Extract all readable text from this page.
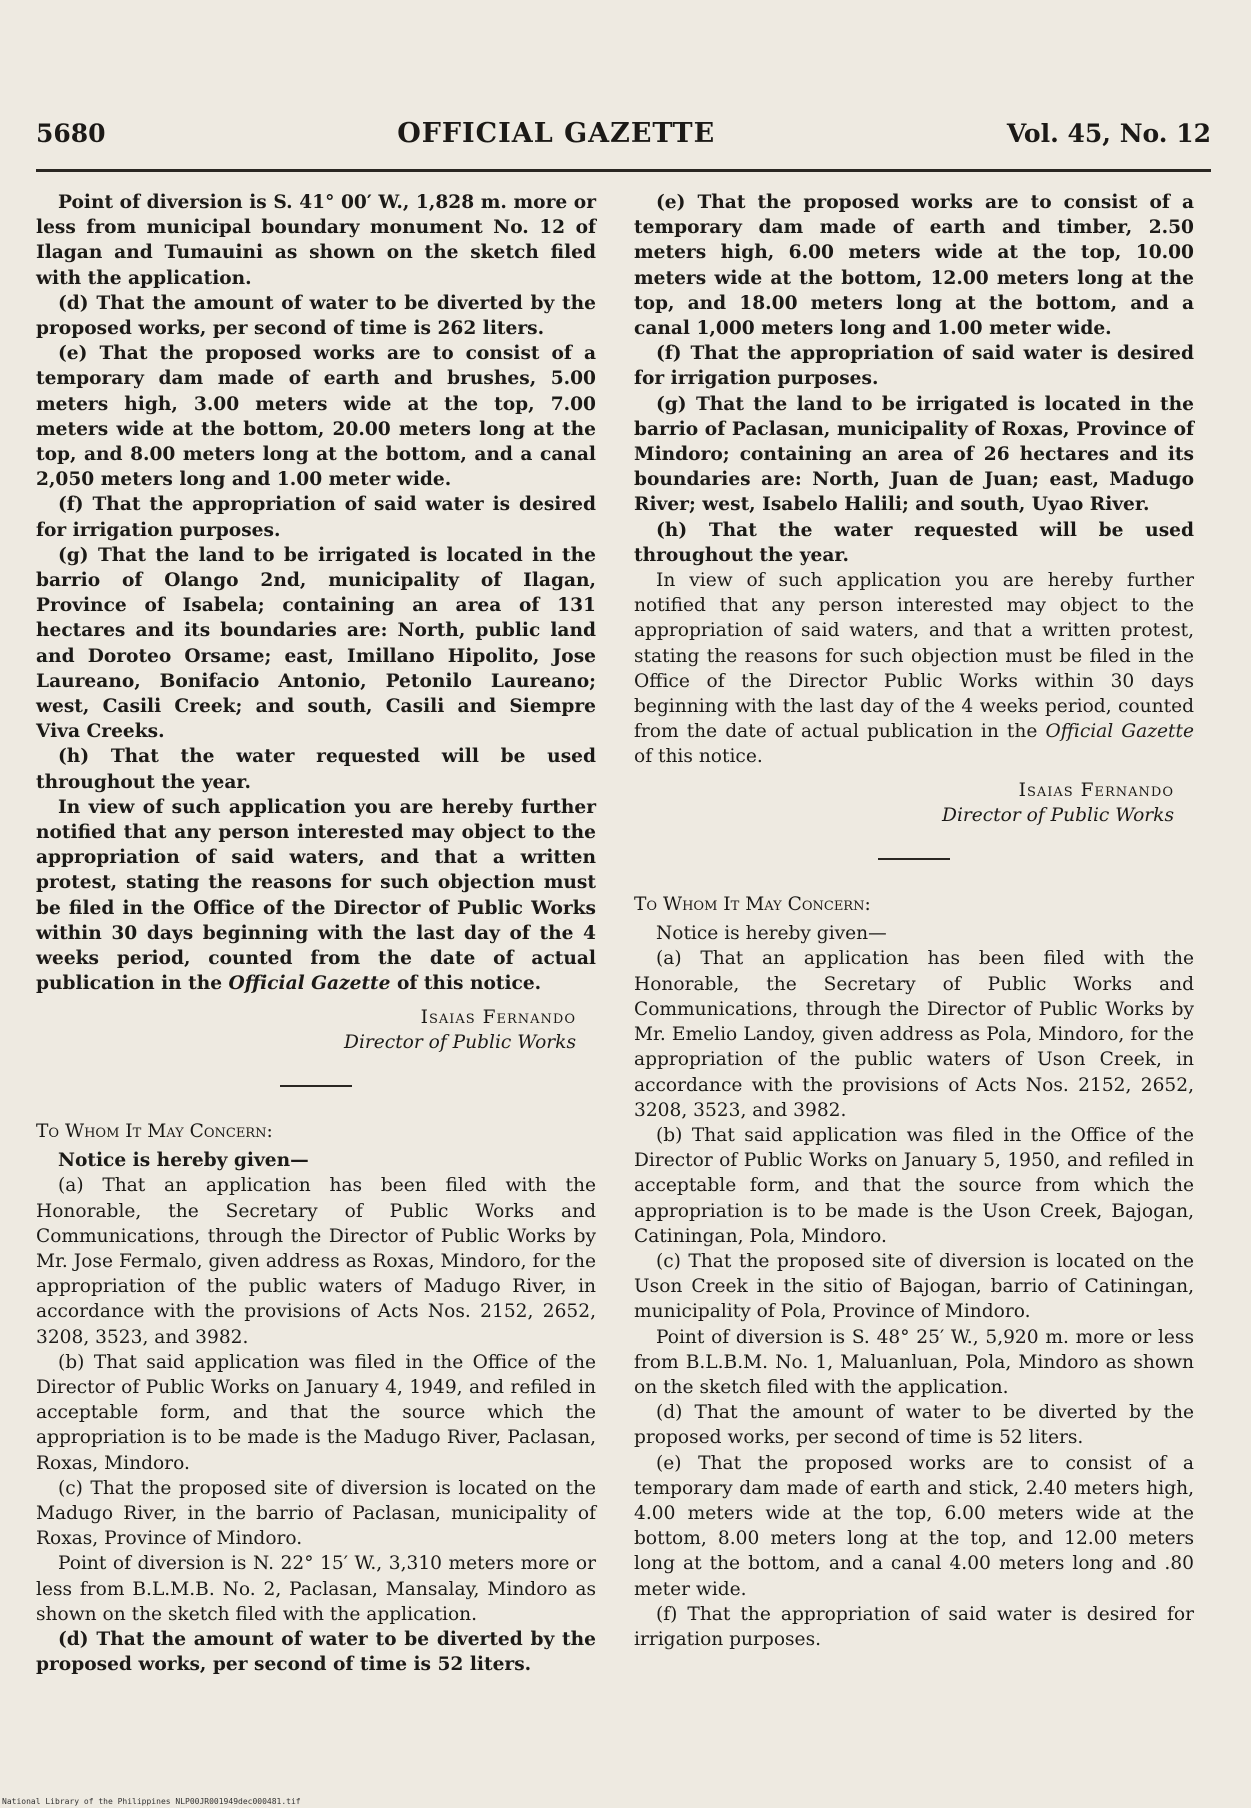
5680	OFFICIAL GAZETTE	Vol. 45, No. 12

Point of diversion is S. 41° 00′ W., 1,828 m. more or less from municipal boundary monument No. 12 of Ilagan and Tumauini as shown on the sketch filed with the application.

(d) That the amount of water to be diverted by the proposed works, per second of time is 262 liters.

(e) That the proposed works are to consist of a temporary dam made of earth and brushes, 5.00 meters high, 3.00 meters wide at the top, 7.00 meters wide at the bottom, 20.00 meters long at the top, and 8.00 meters long at the bottom, and a canal 2,050 meters long and 1.00 meter wide.

(f) That the appropriation of said water is desired for irrigation purposes.

(g) That the land to be irrigated is located in the barrio of Olango 2nd, municipality of Ilagan, Province of Isabela; containing an area of 131 hectares and its boundaries are: North, public land and Doroteo Orsame; east, Imillano Hipolito, Jose Laureano, Bonifacio Antonio, Petonilo Laureano; west, Casili Creek; and south, Casili and Siempre Viva Creeks.

(h) That the water requested will be used throughout the year.

In view of such application you are hereby further notified that any person interested may object to the appropriation of said waters, and that a written protest, stating the reasons for such objection must be filed in the Office of the Director of Public Works within 30 days beginning with the last day of the 4 weeks period, counted from the date of actual publication in the Official Gazette of this notice.

Isaias Fernando
Director of Public Works

To Whom It May Concern:

Notice is hereby given—

(a) That an application has been filed with the Honorable, the Secretary of Public Works and Communications, through the Director of Public Works by Mr. Jose Fermalo, given address as Roxas, Mindoro, for the appropriation of the public waters of Madugo River, in accordance with the provisions of Acts Nos. 2152, 2652, 3208, 3523, and 3982.

(b) That said application was filed in the Office of the Director of Public Works on January 4, 1949, and refiled in acceptable form, and that the source which the appropriation is to be made is the Madugo River, Paclasan, Roxas, Mindoro.

(c) That the proposed site of diversion is located on the Madugo River, in the barrio of Paclasan, municipality of Roxas, Province of Mindoro.

Point of diversion is N. 22° 15′ W., 3,310 meters more or less from B.L.M.B. No. 2, Paclasan, Mansalay, Mindoro as shown on the sketch filed with the application.

(d) That the amount of water to be diverted by the proposed works, per second of time is 52 liters.

(e) That the proposed works are to consist of a temporary dam made of earth and timber, 2.50 meters high, 6.00 meters wide at the top, 10.00 meters wide at the bottom, 12.00 meters long at the top, and 18.00 meters long at the bottom, and a canal 1,000 meters long and 1.00 meter wide.

(f) That the appropriation of said water is desired for irrigation purposes.

(g) That the land to be irrigated is located in the barrio of Paclasan, municipality of Roxas, Province of Mindoro; containing an area of 26 hectares and its boundaries are: North, Juan de Juan; east, Madugo River; west, Isabelo Halili; and south, Uyao River.

(h) That the water requested will be used throughout the year.

In view of such application you are hereby further notified that any person interested may object to the appropriation of said waters, and that a written protest, stating the reasons for such objection must be filed in the Office of the Director Public Works within 30 days beginning with the last day of the 4 weeks period, counted from the date of actual publication in the Official Gazette of this notice.

Isaias Fernando
Director of Public Works

To Whom It May Concern:

Notice is hereby given—

(a) That an application has been filed with the Honorable, the Secretary of Public Works and Communications, through the Director of Public Works by Mr. Emelio Landoy, given address as Pola, Mindoro, for the appropriation of the public waters of Uson Creek, in accordance with the provisions of Acts Nos. 2152, 2652, 3208, 3523, and 3982.

(b) That said application was filed in the Office of the Director of Public Works on January 5, 1950, and refiled in acceptable form, and that the source from which the appropriation is to be made is the Uson Creek, Bajogan, Catiningan, Pola, Mindoro.

(c) That the proposed site of diversion is located on the Uson Creek in the sitio of Bajogan, barrio of Catiningan, municipality of Pola, Province of Mindoro.

Point of diversion is S. 48° 25′ W., 5,920 m. more or less from B.L.B.M. No. 1, Maluanluan, Pola, Mindoro as shown on the sketch filed with the application.

(d) That the amount of water to be diverted by the proposed works, per second of time is 52 liters.

(e) That the proposed works are to consist of a temporary dam made of earth and stick, 2.40 meters high, 4.00 meters wide at the top, 6.00 meters wide at the bottom, 8.00 meters long at the top, and 12.00 meters long at the bottom, and a canal 4.00 meters long and .80 meter wide.

(f) That the appropriation of said water is desired for irrigation purposes.

National Library of the Philippines NLP00JR001949dec000481.tif
